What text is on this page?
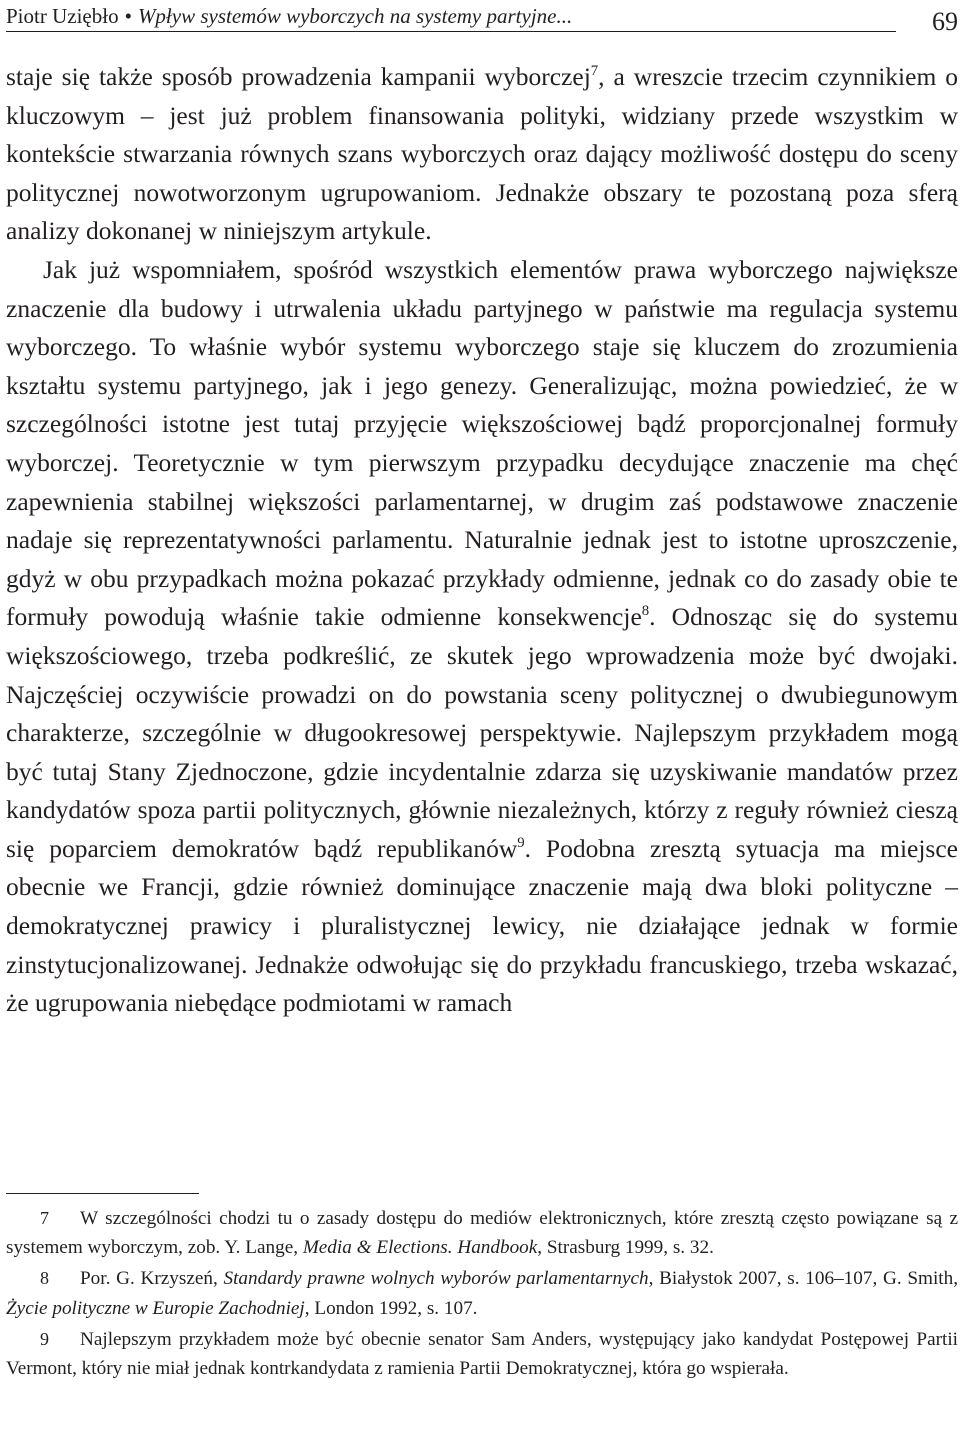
Piotr Uziębło • Wpływ systemów wyborczych na systemy partyjne...	69

staje się także sposób prowadzenia kampanii wyborczej$^7$, a wreszcie trzecim czynnikiem o kluczowym – jest już problem finansowania polityki, widziany przede wszystkim w kontekście stwarzania równych szans wyborczych oraz dający możliwość dostępu do sceny politycznej nowotworzonym ugrupowaniom. Jednakże obszary te pozostaną poza sferą analizy dokonanej w niniejszym artykule.

Jak już wspomniałem, spośród wszystkich elementów prawa wyborczego największe znaczenie dla budowy i utrwalenia układu partyjnego w państwie ma regulacja systemu wyborczego. To właśnie wybór systemu wyborczego staje się kluczem do zrozumienia kształtu systemu partyjnego, jak i jego genezy. Generalizując, można powiedzieć, że w szczególności istotne jest tutaj przyjęcie większościowej bądź proporcjonalnej formuły wyborczej. Teoretycznie w tym pierwszym przypadku decydujące znaczenie ma chęć zapewnienia stabilnej większości parlamentarnej, w drugim zaś podstawowe znaczenie nadaje się reprezentatywności parlamentu. Naturalnie jednak jest to istotne uproszczenie, gdyż w obu przypadkach można pokazać przykłady odmienne, jednak co do zasady obie te formuły powodują właśnie takie odmienne konsekwencje$^8$. Odnosząc się do systemu większościowego, trzeba podkreślić, ze skutek jego wprowadzenia może być dwojaki. Najczęściej oczywiście prowadzi on do powstania sceny politycznej o dwubiegunowym charakterze, szczególnie w długookresowej perspektywie. Najlepszym przykładem mogą być tutaj Stany Zjednoczone, gdzie incydentalnie zdarza się uzyskiwanie mandatów przez kandydatów spoza partii politycznych, głównie niezależnych, którzy z reguły również cieszą się poparciem demokratów bądź republikanów$^9$. Podobna zresztą sytuacja ma miejsce obecnie we Francji, gdzie również dominujące znaczenie mają dwa bloki polityczne – demokratycznej prawicy i pluralistycznej lewicy, nie działające jednak w formie zinstytucjonalizowanej. Jednakże odwołując się do przykładu francuskiego, trzeba wskazać, że ugrupowania niebędące podmiotami w ramach

7 W szczególności chodzi tu o zasady dostępu do mediów elektronicznych, które zresztą często powiązane są z systemem wyborczym, zob. Y. Lange, Media & Elections. Handbook, Strasburg 1999, s. 32.

8 Por. G. Krzyszeń, Standardy prawne wolnych wyborów parlamentarnych, Białystok 2007, s. 106–107, G. Smith, Życie polityczne w Europie Zachodniej, London 1992, s. 107.

9 Najlepszym przykładem może być obecnie senator Sam Anders, występujący jako kandydat Postępowej Partii Vermont, który nie miał jednak kontrkandydata z ramienia Partii Demokratycznej, która go wspierała.
